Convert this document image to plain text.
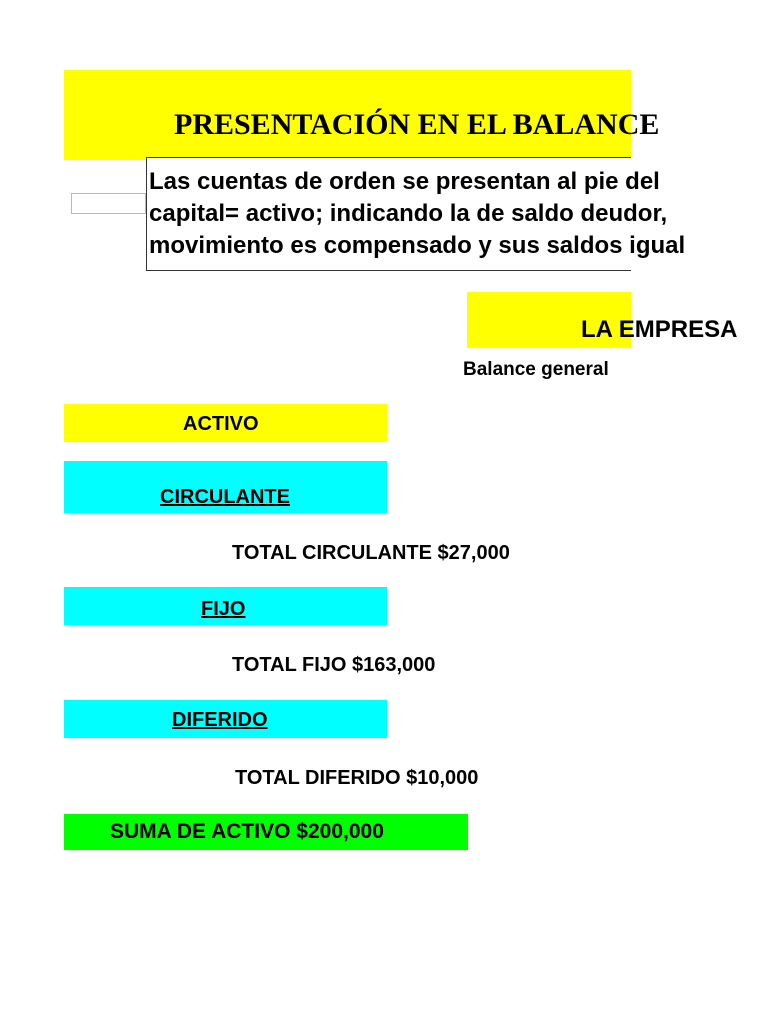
PRESENTACIÓN EN EL BALANCE
Las cuentas de orden se presentan al pie del
capital= activo; indicando la de saldo deudor,
movimiento es compensado y sus saldos igual
LA EMPRESA
Balance general
ACTIVO
CIRCULANTE
TOTAL CIRCULANTE $27,000
FIJO
TOTAL FIJO $163,000
DIFERIDO
TOTAL DIFERIDO $10,000
SUMA DE ACTIVO $200,000
